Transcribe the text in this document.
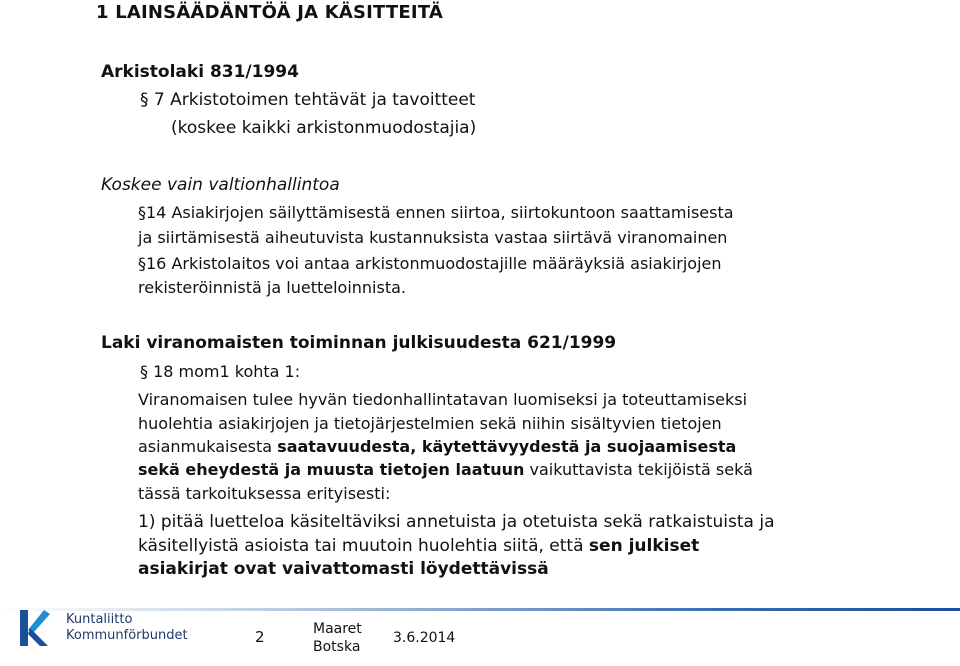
1 LAINSÄÄDÄNTÖÄ JA KÄSITTEITÄ
Arkistolaki 831/1994
§ 7 Arkistotoimen tehtävät ja tavoitteet
(koskee kaikki arkistonmuodostajia)
Koskee vain valtionhallintoa
§14 Asiakirjojen säilyttämisestä ennen siirtoa, siirtokuntoon saattamisesta
ja siirtämisestä aiheutuvista kustannuksista vastaa siirtävä viranomainen
§16 Arkistolaitos voi antaa arkistonmuodostajille määräyksiä asiakirjojen
rekisteröinnistä ja luetteloinnista.
Laki viranomaisten toiminnan julkisuudesta 621/1999
§ 18 mom1 kohta 1:
Viranomaisen tulee hyvän tiedonhallintatavan luomiseksi ja toteuttamiseksi
huolehtia asiakirjojen ja tietojärjestelmien sekä niihin sisältyvien tietojen
asianmukaisesta saatavuudesta, käytettävyydestä ja suojaamisesta
sekä eheydestä ja muusta tietojen laatuun vaikuttavista tekijöistä sekä
tässä tarkoituksessa erityisesti:
1) pitää luetteloa käsiteltäviksi annetuista ja otetuista sekä ratkaistuista ja
käsitellyistä asioista tai muutoin huolehtia siitä, että sen julkiset
asiakirjat ovat vaivattomasti löydettävissä
Kuntaliitto
Kommunförbundet	2	Maaret Botska
3.6.2014
